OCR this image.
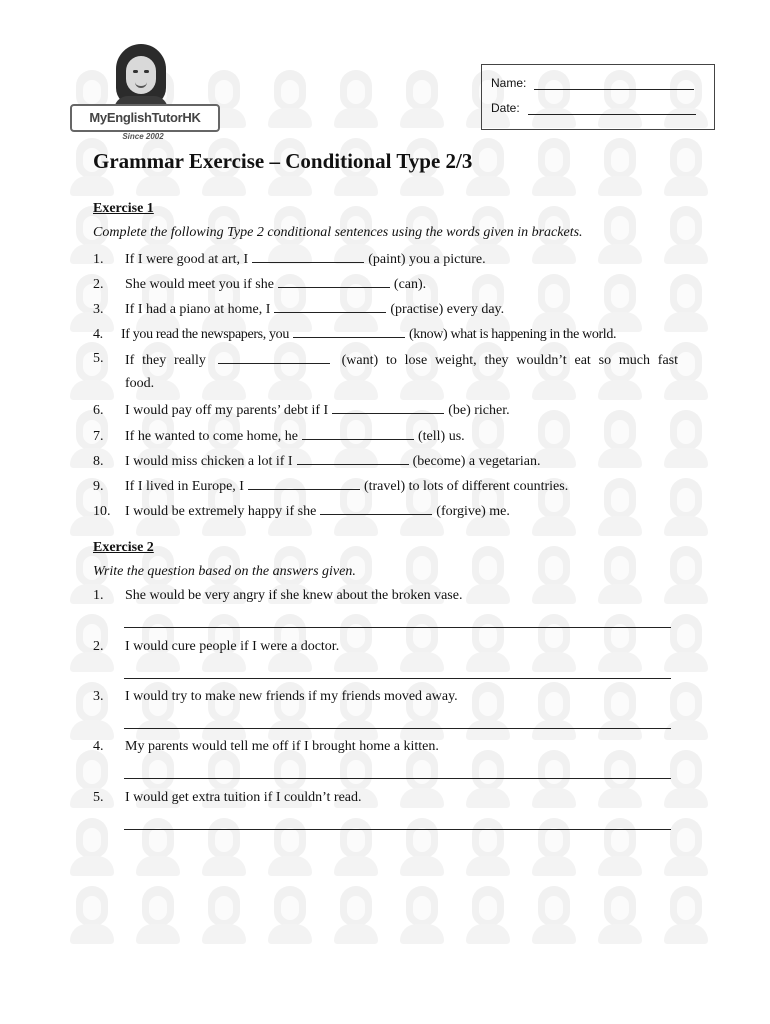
MyEnglishTutorHK
Since 2002
Name:
Date:
Grammar Exercise – Conditional Type 2/3
Exercise 1
Complete the following Type 2 conditional sentences using the words given in brackets.
1. If I were good at art, I	(paint) you a picture.
2. She would meet you if she	(can).
3. If I had a piano at home, I	(practise) every day.
4. If you read the newspapers, you	(know) what is happening in the world.
5. If they really	(want) to lose weight, they wouldn’t eat so much fast
food.
6. I would pay off my parents’ debt if I	(be) richer.
7. If he wanted to come home, he	(tell) us.
8. I would miss chicken a lot if I	(become) a vegetarian.
9. If I lived in Europe, I	(travel) to lots of different countries.
10. I would be extremely happy if she	(forgive) me.
Exercise 2
Write the question based on the answers given.
1. She would be very angry if she knew about the broken vase.
2. I would cure people if I were a doctor.
3. I would try to make new friends if my friends moved away.
4. My parents would tell me off if I brought home a kitten.
5. I would get extra tuition if I couldn’t read.
